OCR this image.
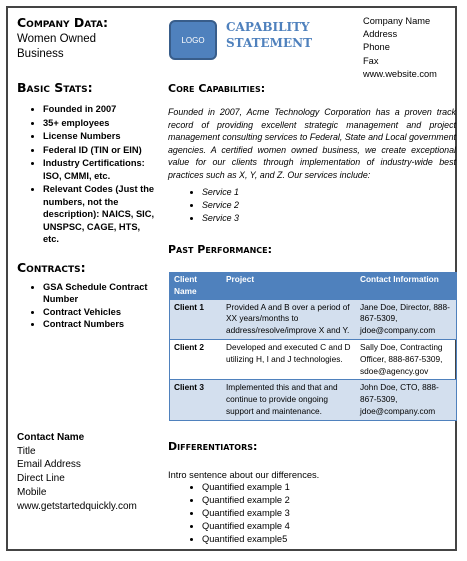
Company Data:
Women Owned
Business
Basic Stats:
• Founded in 2007
• 35+ employees
• License Numbers
• Federal ID (TIN or EIN)
• Industry Certifications: ISO, CMMI, etc.
• Relevant Codes (Just the numbers, not the description): NAICS, SIC, UNSPSC, CAGE, HTS, etc.
Contracts:
• GSA Schedule Contract Number
• Contract Vehicles
• Contract Numbers
Contact Name
Title
Email Address
Direct Line
Mobile
www.getstartedquickly.com
LOGO
CAPABILITY
STATEMENT
Company Name
Address
Phone
Fax
www.website.com
Core Capabilities:
Founded in 2007, Acme Technology Corporation has a proven track record of providing excellent strategic management and project management consulting services to Federal, State and Local government agencies. A certified women owned business, we create exceptional value for our clients through implementation of industry-wide best practices such as X, Y, and Z. Our services include:
• Service 1
• Service 2
• Service 3
Past Performance:
Client Name	Project	Contact Information
Client 1	Provided A and B over a period of XX years/months to address/resolve/improve X and Y.	Jane Doe, Director, 888-867-5309, jdoe@company.com
Client 2	Developed and executed C and D utilizing H, I and J technologies.	Sally Doe, Contracting Officer, 888-867-5309, sdoe@agency.gov
Client 3	Implemented this and that and continue to provide ongoing support and maintenance.	John Doe, CTO, 888-867-5309, jdoe@company.com
Differentiators:
Intro sentence about our differences.
• Quantified example 1
• Quantified example 2
• Quantified example 3
• Quantified example 4
• Quantified example5
